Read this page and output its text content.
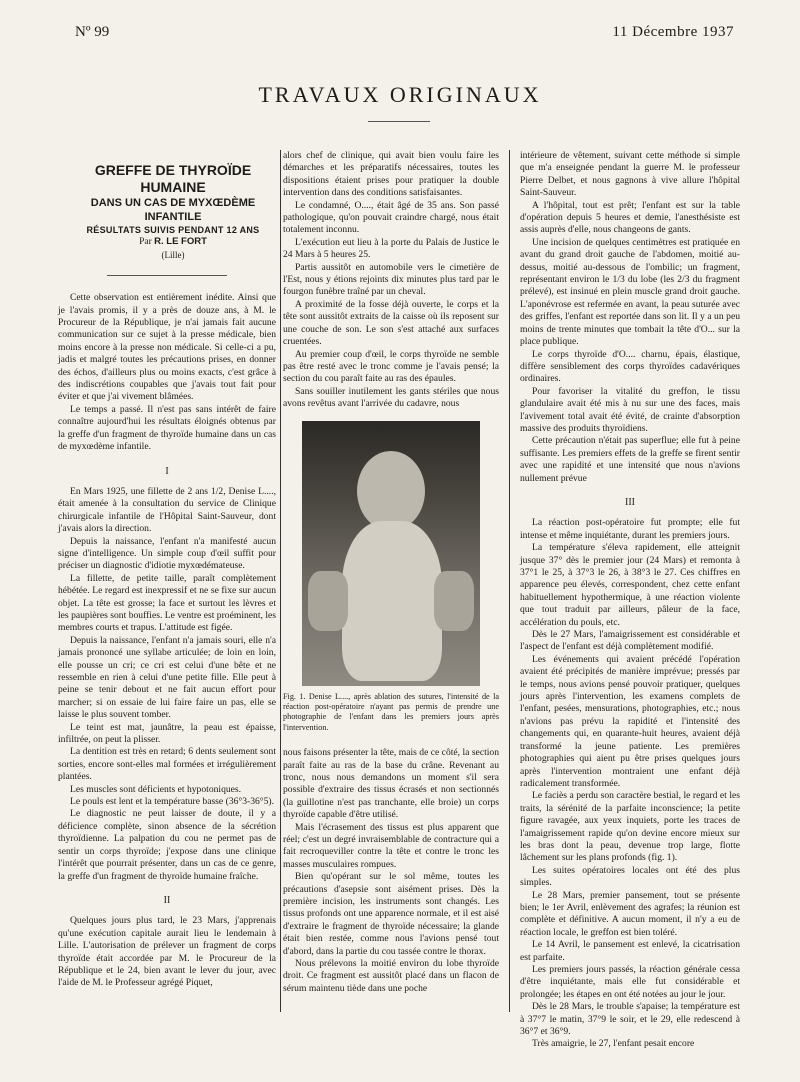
Nº 99	11 Décembre 1937
TRAVAUX ORIGINAUX

GREFFE DE THYROÏDE

HUMAINE

DANS UN CAS DE MYXŒDÈME

INFANTILE

RÉSULTATS SUIVIS PENDANT 12 ANS

Par R. LE FORT

(Lille)

Cette observation est entièrement inédite. Ainsi que je l'avais promis, il y a près de douze ans, à M. le Procureur de la République, je n'ai jamais fait aucune communication sur ce sujet à la presse médicale, bien moins encore à la presse non médicale. Si celle-ci a pu, jadis et malgré toutes les précautions prises, en donner des échos, d'ailleurs plus ou moins exacts, c'est grâce à des indiscrétions coupables que j'avais tout fait pour éviter et que j'ai vivement blâmées.

Le temps a passé. Il n'est pas sans intérêt de faire connaître aujourd'hui les résultats éloignés obtenus par la greffe d'un fragment de thyroïde humaine dans un cas de myxœdème infantile.

I

En Mars 1925, une fillette de 2 ans 1/2, Denise L...., était amenée à la consultation du service de Clinique chirurgicale infantile de l'Hôpital Saint-Sauveur, dont j'avais alors la direction.

Depuis la naissance, l'enfant n'a manifesté aucun signe d'intelligence. Un simple coup d'œil suffit pour préciser un diagnostic d'idiotie myxœdémateuse.

La fillette, de petite taille, paraît complètement hébétée. Le regard est inexpressif et ne se fixe sur aucun objet. La tête est grosse; la face et surtout les lèvres et les paupières sont bouffies. Le ventre est proéminent, les membres courts et trapus. L'attitude est figée.

Depuis la naissance, l'enfant n'a jamais souri, elle n'a jamais prononcé une syllabe articulée; de loin en loin, elle pousse un cri; ce cri est celui d'une bête et ne ressemble en rien à celui d'une petite fille. Elle peut à peine se tenir debout et ne fait aucun effort pour marcher; si on essaie de lui faire faire un pas, elle se laisse le plus souvent tomber.

Le teint est mat, jaunâtre, la peau est épaisse, infiltrée, on peut la plisser.

La dentition est très en retard; 6 dents seulement sont sorties, encore sont-elles mal formées et irrégulièrement plantées.

Les muscles sont déficients et hypotoniques.

Le pouls est lent et la température basse (36°3-36°5).

Le diagnostic ne peut laisser de doute, il y a déficience complète, sinon absence de la sécrétion thyroïdienne. La palpation du cou ne permet pas de sentir un corps thyroïde; j'expose dans une clinique l'intérêt que pourrait présenter, dans un cas de ce genre, la greffe d'un fragment de thyroïde humaine fraîche.

II

Quelques jours plus tard, le 23 Mars, j'apprenais qu'une exécution capitale aurait lieu le lendemain à Lille. L'autorisation de prélever un fragment de corps thyroïde était accordée par M. le Procureur de la République et le 24, bien avant le lever du jour, avec l'aide de M. le Professeur agrégé Piquet,

alors chef de clinique, qui avait bien voulu faire les démarches et les préparatifs nécessaires, toutes les dispositions étaient prises pour pratiquer la double intervention dans des conditions satisfaisantes.

Le condamné, O...., était âgé de 35 ans. Son passé pathologique, qu'on pouvait craindre chargé, nous était totalement inconnu.

L'exécution eut lieu à la porte du Palais de Justice le 24 Mars à 5 heures 25.

Partis aussitôt en automobile vers le cimetière de l'Est, nous y étions rejoints dix minutes plus tard par le fourgon funèbre traîné par un cheval.

A proximité de la fosse déjà ouverte, le corps et la tête sont aussitôt extraits de la caisse où ils reposent sur une couche de son. Le son s'est attaché aux surfaces cruentées.

Au premier coup d'œil, le corps thyroïde ne semble pas être resté avec le tronc comme je l'avais pensé; la section du cou paraît faite au ras des épaules.

Sans souiller inutilement les gants stériles que nous avons revêtus avant l'arrivée du cadavre, nous

Fig. 1. Denise L...., après ablation des sutures, l'intensité de la réaction post-opératoire n'ayant pas permis de prendre une photographie de l'enfant dans les premiers jours après l'intervention.

nous faisons présenter la tête, mais de ce côté, la section paraît faite au ras de la base du crâne. Revenant au tronc, nous nous demandons un moment s'il sera possible d'extraire des tissus écrasés et non sectionnés (la guillotine n'est pas tranchante, elle broie) un corps thyroïde capable d'être utilisé.

Mais l'écrasement des tissus est plus apparent que réel; c'est un degré invraisemblable de contracture qui a fait recroqueviller contre la tête et contre le tronc les masses musculaires rompues.

Bien qu'opérant sur le sol même, toutes les précautions d'asepsie sont aisément prises. Dès la première incision, les instruments sont changés. Les tissus profonds ont une apparence normale, et il est aisé d'extraire le fragment de thyroïde nécessaire; la glande était bien restée, comme nous l'avions pensé tout d'abord, dans la partie du cou tassée contre le thorax.

Nous prélevons la moitié environ du lobe thyroïde droit. Ce fragment est aussitôt placé dans un flacon de sérum maintenu tiède dans une poche

intérieure de vêtement, suivant cette méthode si simple que m'a enseignée pendant la guerre M. le professeur Pierre Delbet, et nous gagnons à vive allure l'hôpital Saint-Sauveur.

A l'hôpital, tout est prêt; l'enfant est sur la table d'opération depuis 5 heures et demie, l'anesthésiste est assis auprès d'elle, nous changeons de gants.

Une incision de quelques centimètres est pratiquée en avant du grand droit gauche de l'abdomen, moitié au-dessus, moitié au-dessous de l'ombilic; un fragment, représentant environ le 1/3 du lobe (les 2/3 du fragment prélevé), est insinué en plein muscle grand droit gauche. L'aponévrose est refermée en avant, la peau suturée avec des griffes, l'enfant est reportée dans son lit. Il y a un peu moins de trente minutes que tombait la tête d'O... sur la place publique.

Le corps thyroïde d'O.... charnu, épais, élastique, diffère sensiblement des corps thyroïdes cadavériques ordinaires.

Pour favoriser la vitalité du greffon, le tissu glandulaire avait été mis à nu sur une des faces, mais l'avivement total avait été évité, de crainte d'absorption massive des produits thyroïdiens.

Cette précaution n'était pas superflue; elle fut à peine suffisante. Les premiers effets de la greffe se firent sentir avec une rapidité et une intensité que nous n'avions nullement prévue

III

La réaction post-opératoire fut prompte; elle fut intense et même inquiétante, durant les premiers jours.

La température s'éleva rapidement, elle atteignit jusque 37° dès le premier jour (24 Mars) et remonta à 37°1 le 25, à 37°3 le 26, à 38°3 le 27. Ces chiffres en apparence peu élevés, correspondent, chez cette enfant habituellement hypothermique, à une réaction violente que tout traduit par ailleurs, pâleur de la face, accélération du pouls, etc.

Dès le 27 Mars, l'amaigrissement est considérable et l'aspect de l'enfant est déjà complètement modifié.

Les événements qui avaient précédé l'opération avaient été précipités de manière imprévue; pressés par le temps, nous avions pensé pouvoir pratiquer, quelques jours après l'intervention, les examens complets de l'enfant, pesées, mensurations, photographies, etc.; nous n'avions pas prévu la rapidité et l'intensité des changements qui, en quarante-huit heures, avaient déjà transformé la jeune patiente. Les premières photographies qui aient pu être prises quelques jours après l'intervention montraient une enfant déjà radicalement transformée.

Le faciès a perdu son caractère bestial, le regard et les traits, la sérénité de la parfaite inconscience; la petite figure ravagée, aux yeux inquiets, porte les traces de l'amaigrissement rapide qu'on devine encore mieux sur les bras dont la peau, devenue trop large, flotte lâchement sur les plans profonds (fig. 1).

Les suites opératoires locales ont été des plus simples.

Le 28 Mars, premier pansement, tout se présente bien; le 1er Avril, enlèvement des agrafes; la réunion est complète et définitive. A aucun moment, il n'y a eu de réaction locale, le greffon est bien toléré.

Le 14 Avril, le pansement est enlevé, la cicatrisation est parfaite.

Les premiers jours passés, la réaction générale cessa d'être inquiétante, mais elle fut considérable et prolongée; les étapes en ont été notées au jour le jour.

Dès le 28 Mars, le trouble s'apaise; la température est à 37°7 le matin, 37°9 le soir, et le 29, elle redescend à 36°7 et 36°9.

Très amaigrie, le 27, l'enfant pesait encore
